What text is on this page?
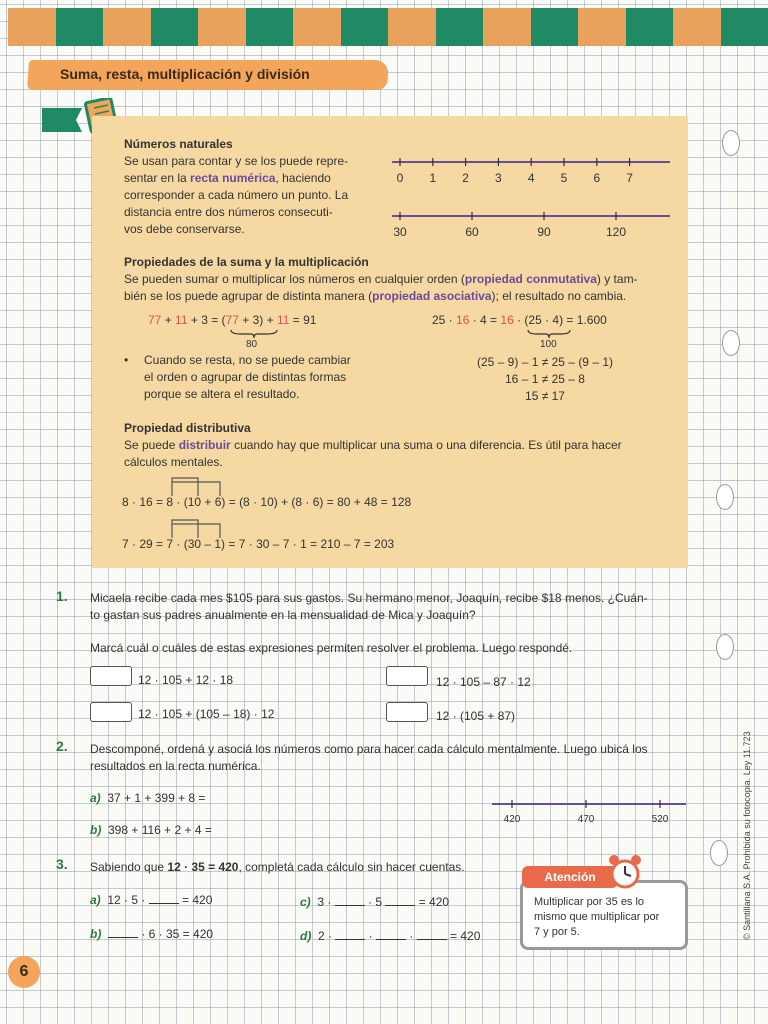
Suma, resta, multiplicación y división
Números naturales
Se usan para contar y se los puede repre-
sentar en la recta numérica, haciendo
corresponder a cada número un punto. La
distancia entre dos números consecuti-
vos debe conservarse.
0 1 2 3 4 5 6 7
30	60	90	120
Propiedades de la suma y la multiplicación
Se pueden sumar o multiplicar los números en cualquier orden (propiedad conmutativa) y tam-
bién se los puede agrupar de distinta manera (propiedad asociativa); el resultado no cambia.
77 + 11 + 3 = (77 + 3) + 11 = 91
80
25 · 16 · 4 = 16 · (25 · 4) = 1.600
100
• Cuando se resta, no se puede cambiar
el orden o agrupar de distintas formas
porque se altera el resultado.
(25 – 9) – 1 ≠ 25 – (9 – 1)
16 – 1 ≠ 25 – 8
15 ≠ 17
Propiedad distributiva
Se puede distribuir cuando hay que multiplicar una suma o una diferencia. Es útil para hacer
cálculos mentales.
8 · 16 = 8 · (10 + 6) = (8 · 10) + (8 · 6) = 80 + 48 = 128
7 · 29 = 7 · (30 – 1) = 7 · 30 – 7 · 1 = 210 – 7 = 203
1. Micaela recibe cada mes $105 para sus gastos. Su hermano menor, Joaquín, recibe $18 menos. ¿Cuán-
to gastan sus padres anualmente en la mensualidad de Mica y Joaquín?
Marcá cuál o cuáles de estas expresiones permiten resolver el problema. Luego respondé.
12 · 105 + 12 · 18	12 · 105 – 87 · 12
12 · 105 + (105 – 18) · 12	12 · (105 + 87)
2. Descomponé, ordená y asociá los números como para hacer cada cálculo mentalmente. Luego ubicá los
resultados en la recta numérica.
a) 37 + 1 + 399 + 8 =
b) 398 + 116 + 2 + 4 =
420	470	520
3. Sabiendo que 12 · 35 = 420, completá cada cálculo sin hacer cuentas.
a) 12 · 5 ·	= 420
b)	· 6 · 35 = 420
c) 3 ·	· 5	= 420
d) 2 ·	·	·	= 420
Atención
Multiplicar por 35 es lo
mismo que multiplicar por
7 y por 5.
6
© Santillana S.A. Prohibida su fotocopia. Ley 11.723
